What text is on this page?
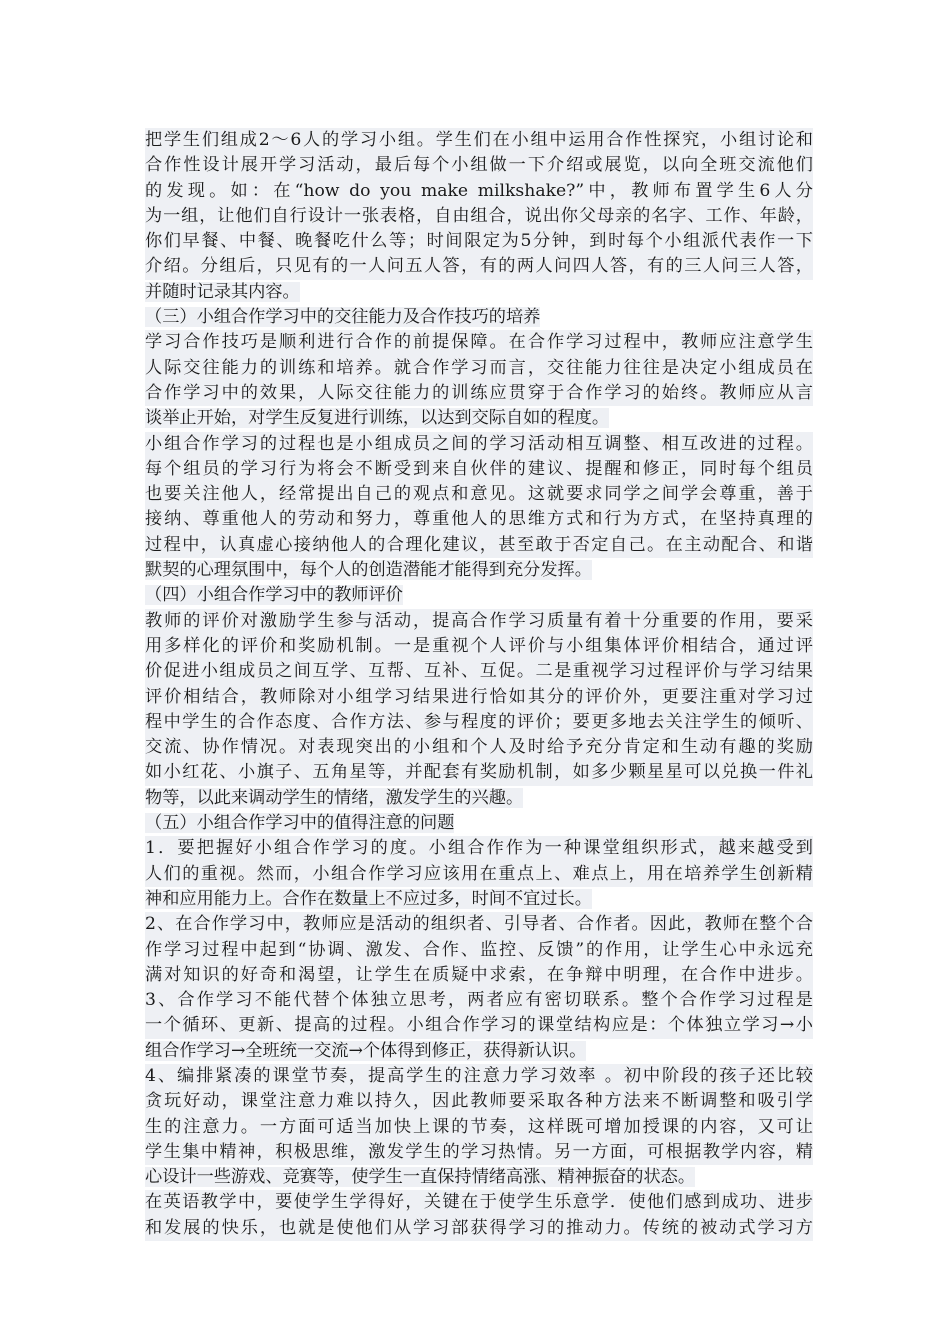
把学生们组成2～6人的学习小组。学生们在小组中运用合作性探究，小组讨论和
合作性设计展开学习活动，最后每个小组做一下介绍或展览，以向全班交流他们
的发现。如：在“how do you make milkshake?”中，教师布置学生6人分
为一组，让他们自行设计一张表格，自由组合，说出你父母亲的名字、工作、年龄，
你们早餐、中餐、晚餐吃什么等；时间限定为5分钟，到时每个小组派代表作一下
介绍。分组后，只见有的一人问五人答，有的两人问四人答，有的三人问三人答，
并随时记录其内容。
（三）小组合作学习中的交往能力及合作技巧的培养
学习合作技巧是顺利进行合作的前提保障。在合作学习过程中，教师应注意学生
人际交往能力的训练和培养。就合作学习而言，交往能力往往是决定小组成员在
合作学习中的效果，人际交往能力的训练应贯穿于合作学习的始终。教师应从言
谈举止开始，对学生反复进行训练，以达到交际自如的程度。
小组合作学习的过程也是小组成员之间的学习活动相互调整、相互改进的过程。
每个组员的学习行为将会不断受到来自伙伴的建议、提醒和修正，同时每个组员
也要关注他人，经常提出自己的观点和意见。这就要求同学之间学会尊重，善于
接纳、尊重他人的劳动和努力，尊重他人的思维方式和行为方式，在坚持真理的
过程中，认真虚心接纳他人的合理化建议，甚至敢于否定自己。在主动配合、和谐
默契的心理氛围中，每个人的创造潜能才能得到充分发挥。
（四）小组合作学习中的教师评价
教师的评价对激励学生参与活动，提高合作学习质量有着十分重要的作用，要采
用多样化的评价和奖励机制。一是重视个人评价与小组集体评价相结合，通过评
价促进小组成员之间互学、互帮、互补、互促。二是重视学习过程评价与学习结果
评价相结合，教师除对小组学习结果进行恰如其分的评价外，更要注重对学习过
程中学生的合作态度、合作方法、参与程度的评价；要更多地去关注学生的倾听、
交流、协作情况。对表现突出的小组和个人及时给予充分肯定和生动有趣的奖励
如小红花、小旗子、五角星等，并配套有奖励机制，如多少颗星星可以兑换一件礼
物等，以此来调动学生的情绪，激发学生的兴趣。
（五）小组合作学习中的值得注意的问题
1．要把握好小组合作学习的度。小组合作作为一种课堂组织形式，越来越受到
人们的重视。然而，小组合作学习应该用在重点上、难点上，用在培养学生创新精
神和应用能力上。合作在数量上不应过多，时间不宜过长。
2、在合作学习中，教师应是活动的组织者、引导者、合作者。因此，教师在整个合
作学习过程中起到“协调、激发、合作、监控、反馈”的作用，让学生心中永远充
满对知识的好奇和渴望，让学生在质疑中求索，在争辩中明理，在合作中进步。
3、合作学习不能代替个体独立思考，两者应有密切联系。整个合作学习过程是
一个循环、更新、提高的过程。小组合作学习的课堂结构应是：个体独立学习→小
组合作学习→全班统一交流→个体得到修正，获得新认识。
4、编排紧凑的课堂节奏，提高学生的注意力学习效率 。初中阶段的孩子还比较
贪玩好动，课堂注意力难以持久，因此教师要采取各种方法来不断调整和吸引学
生的注意力。一方面可适当加快上课的节奏，这样既可增加授课的内容，又可让
学生集中精神，积极思维，激发学生的学习热情。另一方面，可根据教学内容，精
心设计一些游戏、竞赛等，使学生一直保持情绪高涨、精神振奋的状态。
在英语教学中，要使学生学得好，关键在于使学生乐意学．使他们感到成功、进步
和发展的快乐，也就是使他们从学习部获得学习的推动力。传统的被动式学习方
